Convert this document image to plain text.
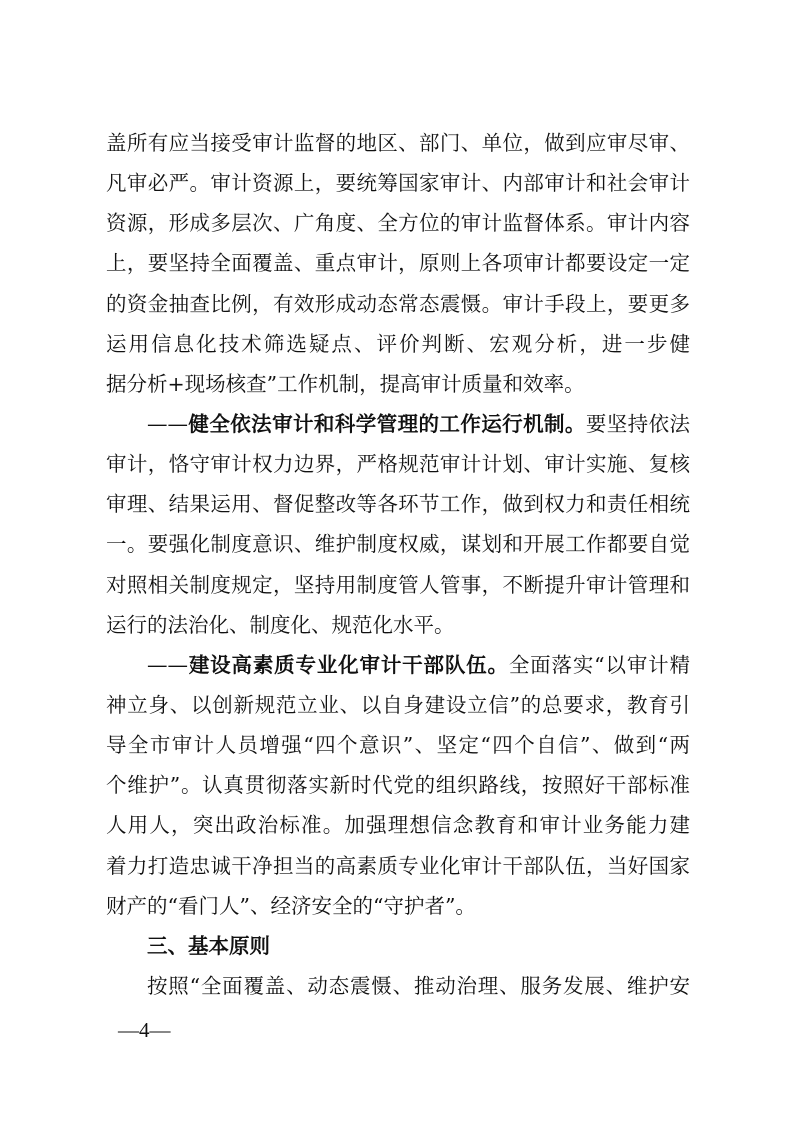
盖所有应当接受审计监督的地区、部门、单位，做到应审尽审、
凡审必严。审计资源上，要统筹国家审计、内部审计和社会审计
资源，形成多层次、广角度、全方位的审计监督体系。审计内容
上，要坚持全面覆盖、重点审计，原则上各项审计都要设定一定
的资金抽查比例，有效形成动态常态震慑。审计手段上，要更多
运用信息化技术筛选疑点、评价判断、宏观分析，进一步健
据分析+现场核查”工作机制，提高审计质量和效率。
——健全依法审计和科学管理的工作运行机制。要坚持依法
审计，恪守审计权力边界，严格规范审计计划、审计实施、复核
审理、结果运用、督促整改等各环节工作，做到权力和责任相统
一。要强化制度意识、维护制度权威，谋划和开展工作都要自觉
对照相关制度规定，坚持用制度管人管事，不断提升审计管理和
运行的法治化、制度化、规范化水平。
——建设高素质专业化审计干部队伍。全面落实“以审计精
神立身、以创新规范立业、以自身建设立信”的总要求，教育引
导全市审计人员增强“四个意识”、坚定“四个自信”、做到“两
个维护”。认真贯彻落实新时代党的组织路线，按照好干部标准
人用人，突出政治标准。加强理想信念教育和审计业务能力建
着力打造忠诚干净担当的高素质专业化审计干部队伍，当好国家
财产的“看门人”、经济安全的“守护者”。
三、基本原则
按照“全面覆盖、动态震慑、推动治理、服务发展、维护安
—4—
